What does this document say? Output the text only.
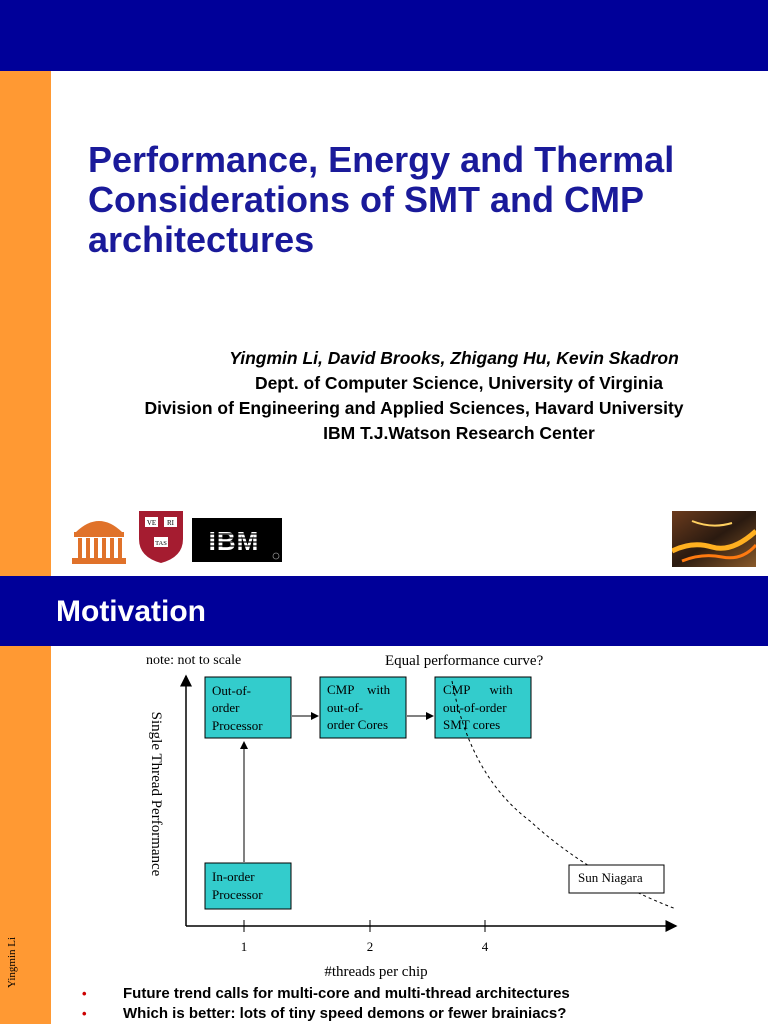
Performance, Energy and Thermal Considerations of SMT and CMP architectures
Yingmin Li, David Brooks, Zhigang Hu, Kevin Skadron
Dept. of Computer Science, University of Virginia
Division of Engineering and Applied Sciences, Havard University
IBM T.J.Watson Research Center
VE RI
TAS IBM
Motivation
Yingmin Li
note: not to scale	Equal performance curve?
1	2	4
#threads per chip
Single Thread Performance
Out-of-
order
Processor
CMP    with
out-of-
order Cores
CMP      with
out-of-order
SMT cores
In-order
Processor
Sun Niagara
• Future trend calls for multi-core and multi-thread architectures
• Which is better: lots of tiny speed demons or fewer brainiacs?
